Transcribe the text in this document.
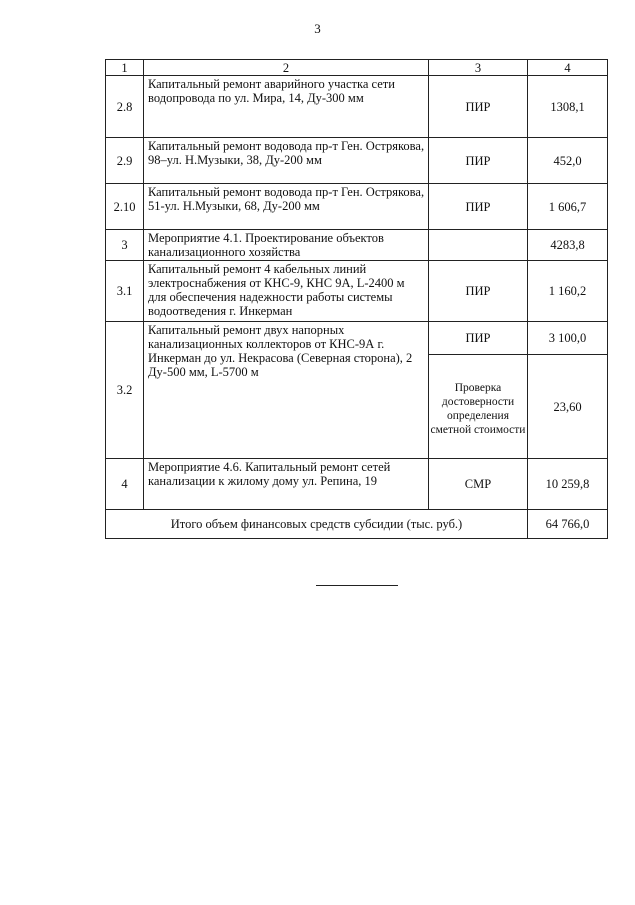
3
1	2	3	4
2.8	Капитальный ремонт аварийного участка сети водопровода по ул. Мира, 14, Ду-300 мм	ПИР	1308,1
2.9	Капитальный ремонт водовода пр-т Ген. Острякова, 98–ул. Н.Музыки, 38, Ду-200 мм	ПИР	452,0
2.10	Капитальный ремонт водовода пр-т Ген. Острякова, 51-ул. Н.Музыки, 68, Ду-200 мм	ПИР	1 606,7
3	Мероприятие 4.1. Проектирование объектов канализационного хозяйства		4283,8
3.1	Капитальный ремонт 4 кабельных линий электроснабжения от КНС-9, КНС 9А, L-2400 м для обеспечения надежности работы системы водоотведения г. Инкерман	ПИР	1 160,2
3.2	Капитальный ремонт двух напорных канализационных коллекторов от КНС-9А г. Инкерман до ул. Некрасова (Северная сторона), 2 Ду-500 мм, L-5700 м	ПИР	3 100,0
		Проверка достоверности определения сметной стоимости	23,60
4	Мероприятие 4.6. Капитальный ремонт сетей канализации к жилому дому ул. Репина, 19	СМР	10 259,8
Итого объем финансовых средств субсидии (тыс. руб.)			64 766,0
